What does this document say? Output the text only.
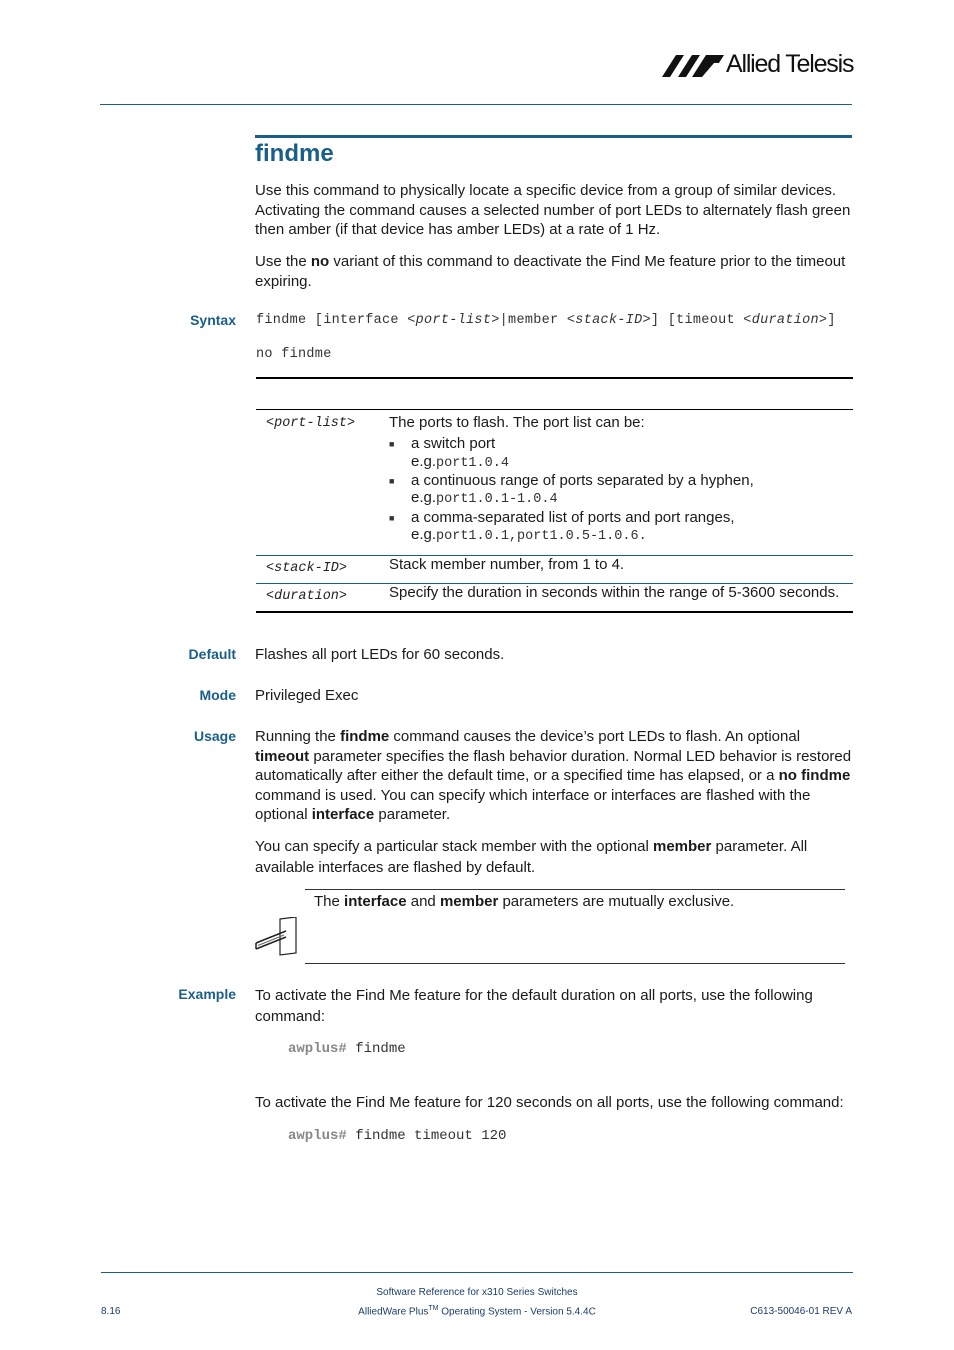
Allied Telesis
findme
Use this command to physically locate a specific device from a group of similar devices. Activating the command causes a selected number of port LEDs to alternately flash green then amber (if that device has amber LEDs) at a rate of 1 Hz.
Use the no variant of this command to deactivate the Find Me feature prior to the timeout expiring.
Syntax findme [interface <port-list>|member <stack-ID>] [timeout <duration>]
no findme
<port-list> The ports to flash. The port list can be:
■ a switch port
e.g.port1.0.4
■ a continuous range of ports separated by a hyphen,
e.g.port1.0.1-1.0.4
■ a comma-separated list of ports and port ranges,
e.g.port1.0.1,port1.0.5-1.0.6.
<stack-ID>	Stack member number, from 1 to 4.
<duration>	Specify the duration in seconds within the range of 5-3600 seconds.
Default Flashes all port LEDs for 60 seconds.
Mode Privileged Exec
Usage Running the findme command causes the device’s port LEDs to flash. An optional timeout parameter specifies the flash behavior duration. Normal LED behavior is restored automatically after either the default time, or a specified time has elapsed, or a no findme command is used. You can specify which interface or interfaces are flashed with the optional interface parameter.
You can specify a particular stack member with the optional member parameter. All available interfaces are flashed by default.
The interface and member parameters are mutually exclusive.
Example To activate the Find Me feature for the default duration on all ports, use the following command:
awplus# findme
To activate the Find Me feature for 120 seconds on all ports, use the following command:
awplus# findme timeout 120
Software Reference for x310 Series Switches
AlliedWare Plus™ Operating System - Version 5.4.4C
8.16	C613-50046-01 REV A
